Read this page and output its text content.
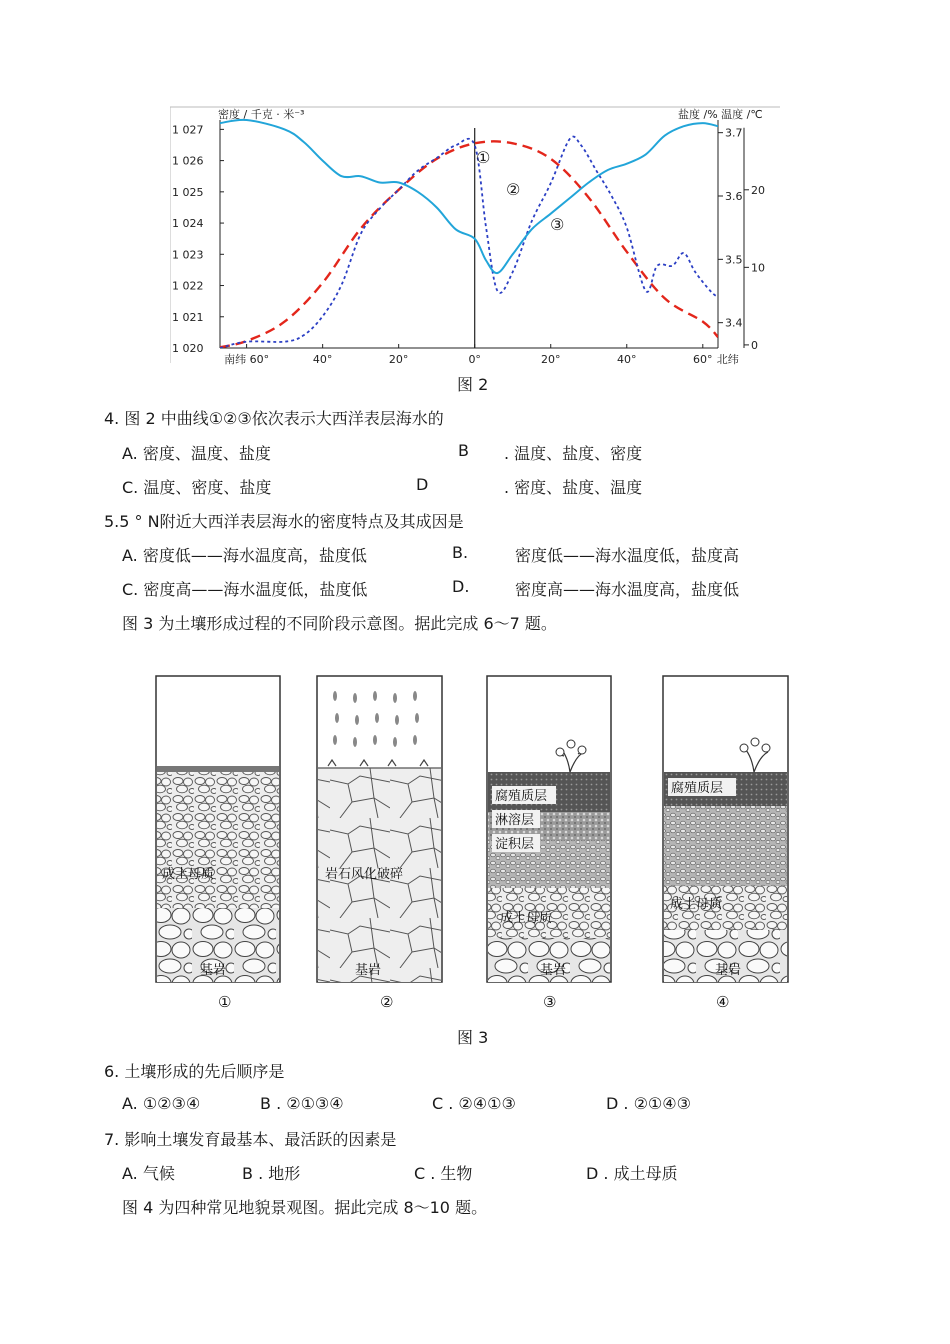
密度 / 千克 · 米⁻³	盐度 /% 温度 /℃
1 027
1 026
1 025
1 024
1 023
1 022
1 021
1 020
3.7
3.6
3.5
3.4
20
10
0
南纬 60°	40°	20°	0°	20°	40°	60° 北纬
①
②
③
图 2
4. 图 2 中曲线①②③依次表示大西洋表层海水的
A. 密度、温度、盐度	B . 温度、盐度、密度
C. 温度、密度、盐度	D	. 密度、盐度、温度
5.5 ° N附近大西洋表层海水的密度特点及其成因是
A. 密度低——海水温度高，盐度低	B.	密度低——海水温度低，盐度高
C. 密度高——海水温度低，盐度低	D.	密度高——海水温度高，盐度低
图 3 为土壤形成过程的不同阶段示意图。据此完成 6～7 题。
成土母质
基岩
岩石风化破碎
基岩
腐殖质层
淋溶层
淀积层
成土母质
基岩
腐殖质层
成土母质
基岩
①	②	③	④
图 3
6. 土壤形成的先后顺序是
A. ①②③④	B . ②①③④	C . ②④①③	D . ②①④③
7. 影响土壤发育最基本、最活跃的因素是
A. 气候	B . 地形	C . 生物	D . 成土母质
图 4 为四种常见地貌景观图。据此完成 8～10 题。
